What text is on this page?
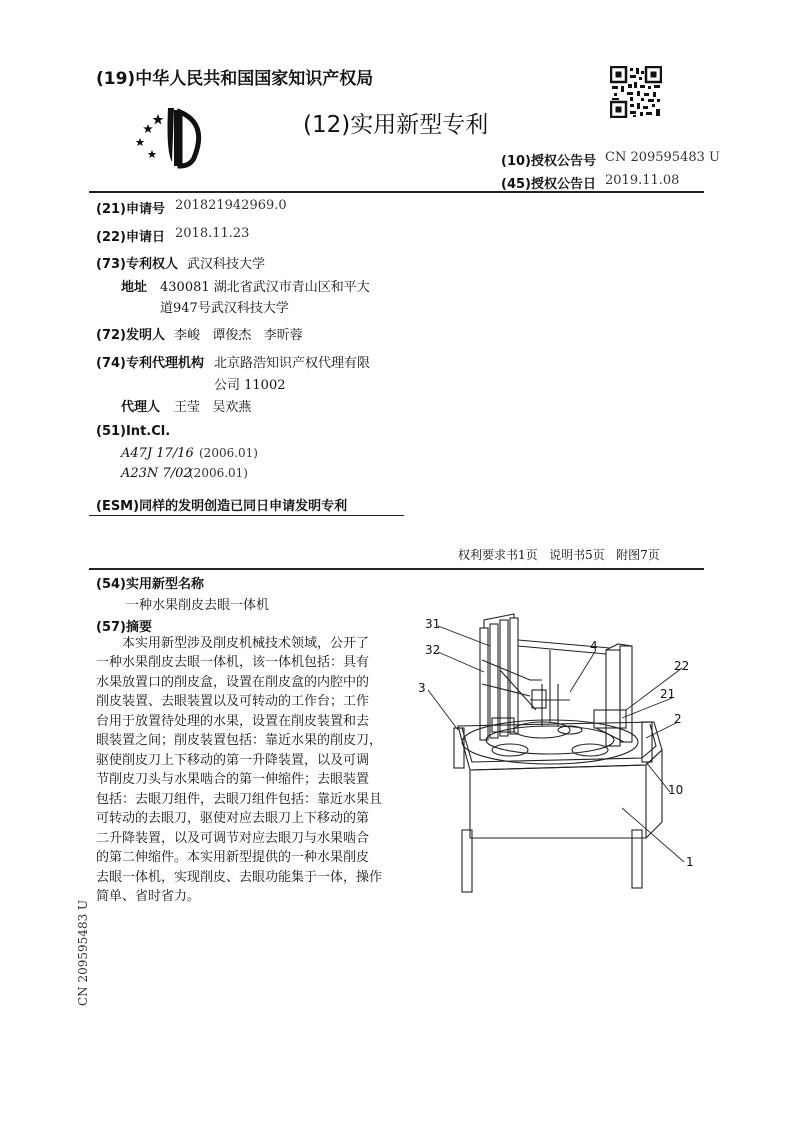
(19)中华人民共和国国家知识产权局
(12)实用新型专利
(10)授权公告号 CN 209595483 U
(45)授权公告日 2019.11.08
(21)申请号 201821942969.0
(22)申请日 2018.11.23
(73)专利权人 武汉科技大学
地址 430081 湖北省武汉市青山区和平大
道947号武汉科技大学
(72)发明人 李峻   谭俊杰   李昕蓉
(74)专利代理机构 北京路浩知识产权代理有限
公司 11002
代理人 王莹   吴欢燕
(51)Int.Cl.
A47J 17/16 (2006.01)
A23N 7/02
(2006.01)
(ESM)同样的发明创造已同日申请发明专利
权利要求书1页   说明书5页   附图7页
(54)实用新型名称
一种水果削皮去眼一体机
(57)摘要
本实用新型涉及削皮机械技术领域，公开了
一种水果削皮去眼一体机，该一体机包括：具有
水果放置口的削皮盒，设置在削皮盒的内腔中的
削皮装置、去眼装置以及可转动的工作台；工作
台用于放置待处理的水果，设置在削皮装置和去
眼装置之间；削皮装置包括：靠近水果的削皮刀，
驱使削皮刀上下移动的第一升降装置，以及可调
节削皮刀头与水果啮合的第一伸缩件；去眼装置
包括：去眼刀组件，去眼刀组件包括：靠近水果且
可转动的去眼刀，驱使对应去眼刀上下移动的第
二升降装置，以及可调节对应去眼刀与水果啮合
的第二伸缩件。本实用新型提供的一种水果削皮
去眼一体机，实现削皮、去眼功能集于一体，操作
简单、省时省力。
31
32
3
4
22
21
2
10
1
CN 209595483 U
